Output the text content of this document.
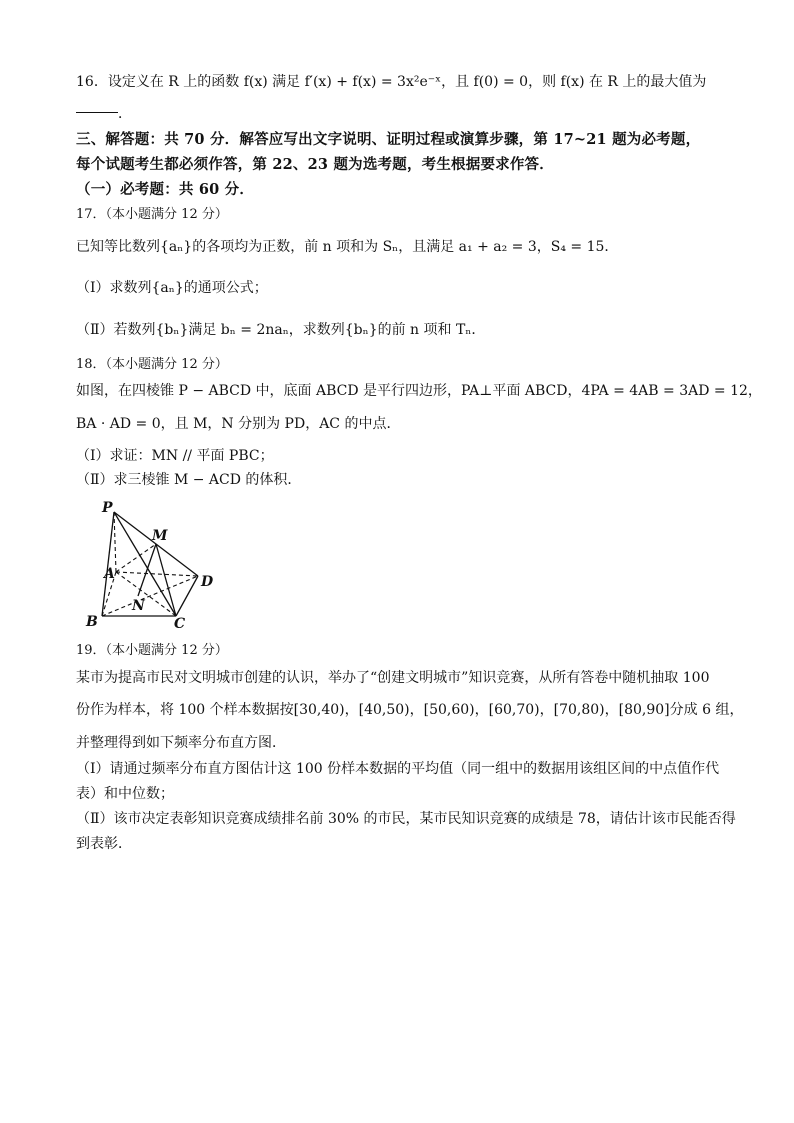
16．设定义在 R 上的函数 f(x) 满足 f′(x) + f(x) = 3x²e⁻ˣ，且 f(0) = 0，则 f(x) 在 R 上的最大值为
．
三、解答题：共 70 分．解答应写出文字说明、证明过程或演算步骤，第 17~21 题为必考题，
每个试题考生都必须作答，第 22、23 题为选考题，考生根据要求作答．
（一）必考题：共 60 分．
17．（本小题满分 12 分）
已知等比数列{aₙ}的各项均为正数，前 n 项和为 Sₙ，且满足 a₁ + a₂ = 3，S₄ = 15．
（Ⅰ）求数列{aₙ}的通项公式；
（Ⅱ）若数列{bₙ}满足 bₙ = 2naₙ，求数列{bₙ}的前 n 项和 Tₙ．
18．（本小题满分 12 分）
如图，在四棱锥 P − ABCD 中，底面 ABCD 是平行四边形，PA⊥平面 ABCD，4PA = 4AB = 3AD = 12，
BA · AD = 0，且 M，N 分别为 PD，AC 的中点．
（Ⅰ）求证：MN // 平面 PBC；
（Ⅱ）求三棱锥 M − ACD 的体积．
P
M
A	D
N
B	C
19．（本小题满分 12 分）
某市为提高市民对文明城市创建的认识，举办了“创建文明城市”知识竞赛，从所有答卷中随机抽取 100
份作为样本，将 100 个样本数据按[30,40)，[40,50)，[50,60)，[60,70)，[70,80)，[80,90]分成 6 组，
并整理得到如下频率分布直方图．
（Ⅰ）请通过频率分布直方图估计这 100 份样本数据的平均值（同一组中的数据用该组区间的中点值作代
表）和中位数；
（Ⅱ）该市决定表彰知识竞赛成绩排名前 30% 的市民，某市民知识竞赛的成绩是 78，请估计该市民能否得
到表彰．
